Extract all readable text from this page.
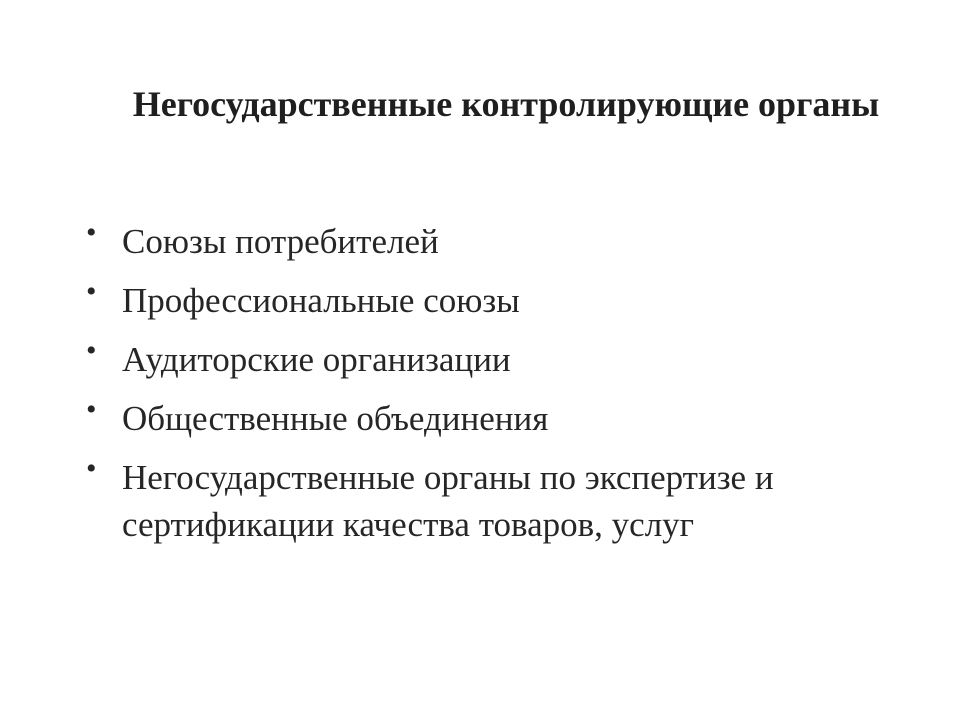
Негосударственные контролирующие органы
• Союзы потребителей
• Профессиональные союзы
• Аудиторские организации
• Общественные объединения
• Негосударственные органы по экспертизе и сертификации качества товаров, услуг
